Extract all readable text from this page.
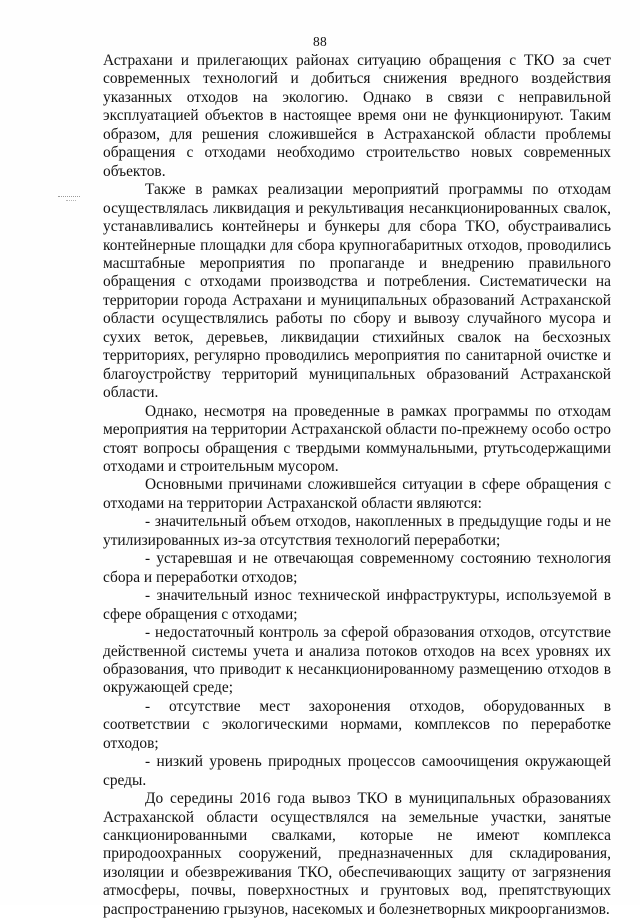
88

Астрахани и прилегающих районах ситуацию обращения с ТКО за счет современных технологий и добиться снижения вредного воздействия указанных отходов на экологию. Однако в связи с неправильной эксплуатацией объектов в настоящее время они не функционируют. Таким образом, для решения сложившейся в Астраханской области проблемы обращения с отходами необходимо строительство новых современных объектов.

Также в рамках реализации мероприятий программы по отходам осуществлялась ликвидация и рекультивация несанкционированных свалок, устанавливались контейнеры и бункеры для сбора ТКО, обустраивались контейнерные площадки для сбора крупногабаритных отходов, проводились масштабные мероприятия по пропаганде и внедрению правильного обращения с отходами производства и потребления. Систематически на территории города Астрахани и муниципальных образований Астраханской области осуществлялись работы по сбору и вывозу случайного мусора и сухих веток, деревьев, ликвидации стихийных свалок на бесхозных территориях, регулярно проводились мероприятия по санитарной очистке и благоустройству территорий муниципальных образований Астраханской области.

Однако, несмотря на проведенные в рамках программы по отходам мероприятия на территории Астраханской области по-прежнему особо остро стоят вопросы обращения с твердыми коммунальными, ртутьсодержащими отходами и строительным мусором.

Основными причинами сложившейся ситуации в сфере обращения с отходами на территории Астраханской области являются:

- значительный объем отходов, накопленных в предыдущие годы и не утилизированных из-за отсутствия технологий переработки;

- устаревшая и не отвечающая современному состоянию технология сбора и переработки отходов;

- значительный износ технической инфраструктуры, используемой в сфере обращения с отходами;

- недостаточный контроль за сферой образования отходов, отсутствие действенной системы учета и анализа потоков отходов на всех уровнях их образования, что приводит к несанкционированному размещению отходов в окружающей среде;

- отсутствие мест захоронения отходов, оборудованных в соответствии с экологическими нормами, комплексов по переработке отходов;

- низкий уровень природных процессов самоочищения окружающей среды.

До середины 2016 года вывоз ТКО в муниципальных образованиях Астраханской области осуществлялся на земельные участки, занятые санкционированными свалками, которые не имеют комплекса природоохранных сооружений, предназначенных для складирования, изоляции и обезвреживания ТКО, обеспечивающих защиту от загрязнения атмосферы, почвы, поверхностных и грунтовых вод, препятствующих распространению грызунов, насекомых и болезнетворных микроорганизмов.
